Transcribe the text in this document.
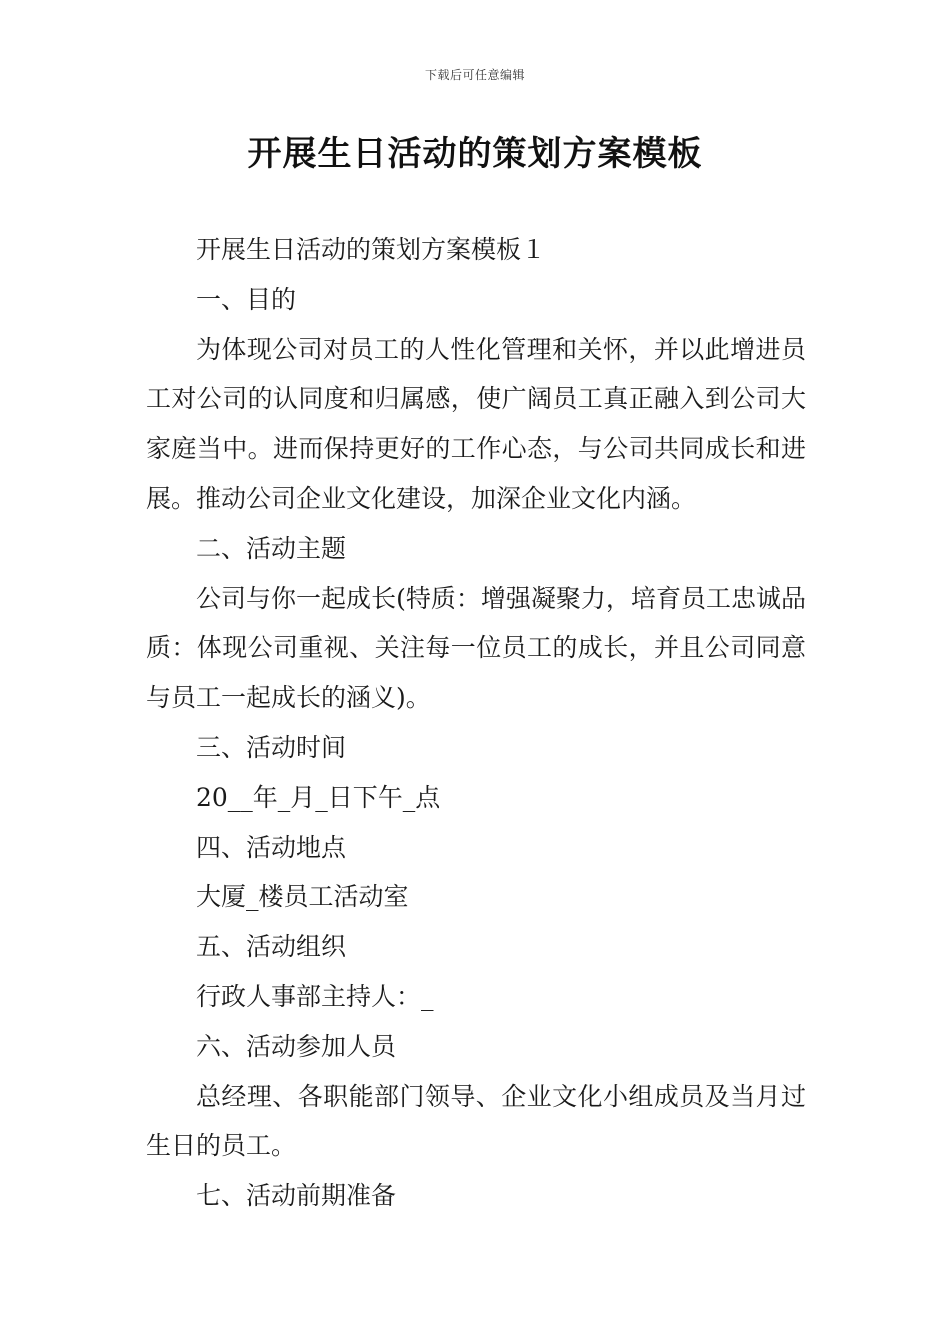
下载后可任意编辑
开展生日活动的策划方案模板

开展生日活动的策划方案模板１

一、目的

为体现公司对员工的人性化管理和关怀，并以此增进员工对公司的认同度和归属感，使广阔员工真正融入到公司大家庭当中。进而保持更好的工作心态，与公司共同成长和进展。推动公司企业文化建设，加深企业文化内涵。

二、活动主题

公司与你一起成长(特质：增强凝聚力，培育员工忠诚品质：体现公司重视、关注每一位员工的成长，并且公司同意与员工一起成长的涵义)。

三、活动时间

20__年_月_日下午_点

四、活动地点

大厦_楼员工活动室

五、活动组织

行政人事部主持人：_

六、活动参加人员

总经理、各职能部门领导、企业文化小组成员及当月过生日的员工。

七、活动前期准备
